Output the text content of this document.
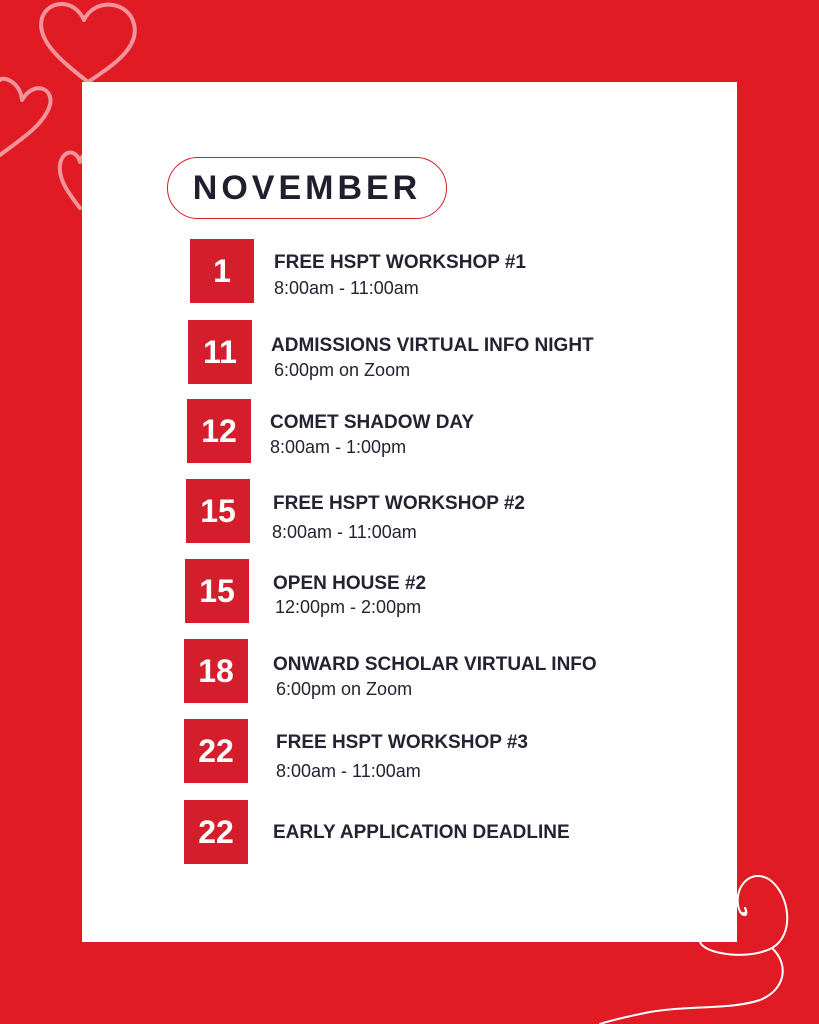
NOVEMBER
1	FREE HSPT WORKSHOP #1
8:00am - 11:00am
11	ADMISSIONS VIRTUAL INFO NIGHT
6:00pm on Zoom
12	COMET SHADOW DAY
8:00am - 1:00pm
15	FREE HSPT WORKSHOP #2
8:00am - 11:00am
15	OPEN HOUSE #2
12:00pm - 2:00pm
18	ONWARD SCHOLAR VIRTUAL INFO
6:00pm on Zoom
22	FREE HSPT WORKSHOP #3
8:00am - 11:00am
22	EARLY APPLICATION DEADLINE
